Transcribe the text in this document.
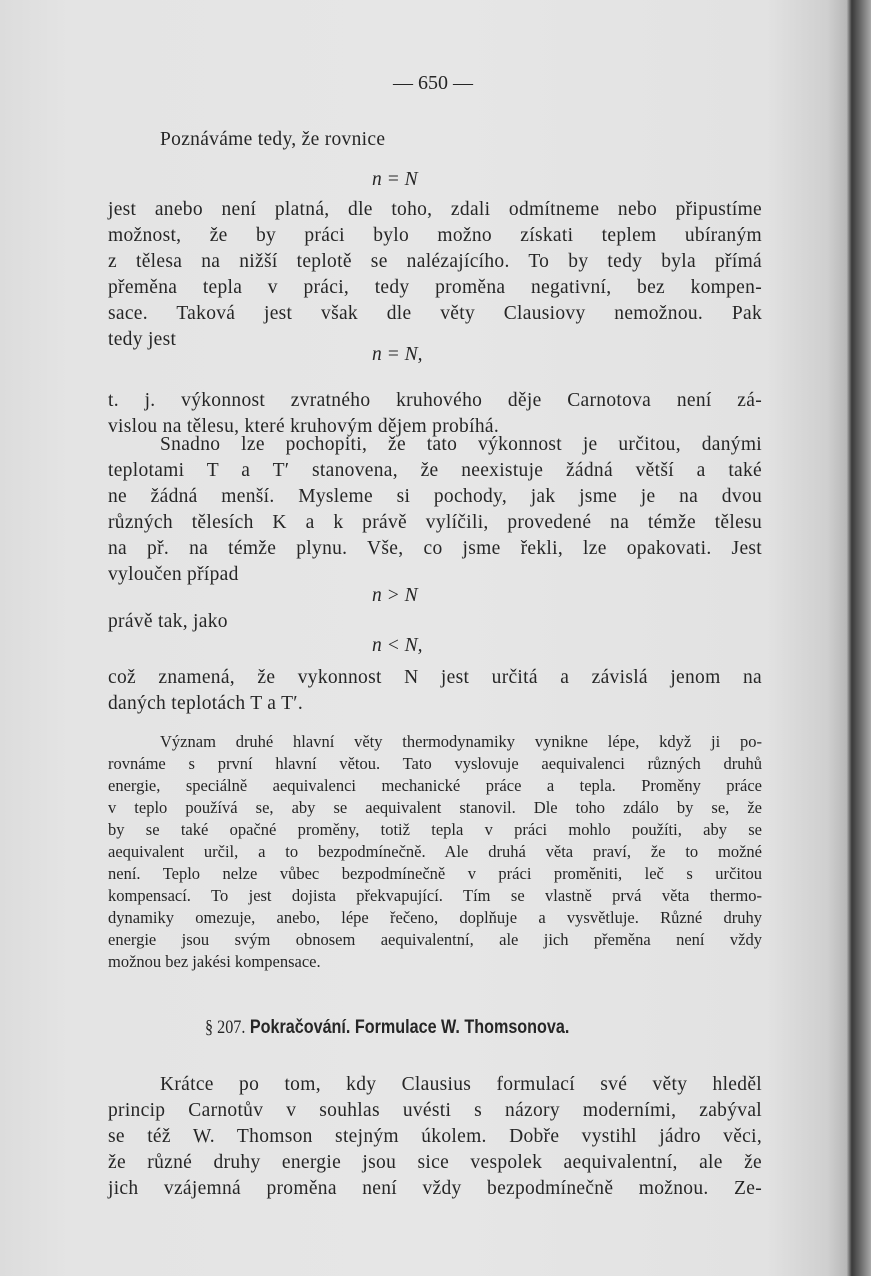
— 650 —
Poznáváme tedy, že rovnice
n = N
jest anebo není platná, dle toho, zdali odmítneme nebo připustíme
možnost, že by práci bylo možno získati teplem ubíraným
z tělesa na nižší teplotě se nalézajícího. To by tedy byla přímá
přeměna tepla v práci, tedy proměna negativní, bez kompen-
sace. Taková jest však dle věty Clausiovy nemožnou. Pak
tedy jest
n = N,
t. j. výkonnost zvratného kruhového děje Carnotova není zá-
vislou na tělesu, které kruhovým dějem probíhá.
Snadno lze pochopiti, že tato výkonnost je určitou, danými
teplotami T a T′ stanovena, že neexistuje žádná větší a také
ne žádná menší. Mysleme si pochody, jak jsme je na dvou
různých tělesích K a k právě vylíčili, provedené na témže tělesu
na př. na témže plynu. Vše, co jsme řekli, lze opakovati. Jest
vyloučen případ
n > N
právě tak, jako
n < N,
což znamená, že vykonnost N jest určitá a závislá jenom na
daných teplotách T a T′.
Význam druhé hlavní věty thermodynamiky vynikne lépe, když ji po-
rovnáme s první hlavní větou. Tato vyslovuje aequivalenci různých druhů
energie, speciálně aequivalenci mechanické práce a tepla. Proměny práce
v teplo používá se, aby se aequivalent stanovil. Dle toho zdálo by se, že
by se také opačné proměny, totiž tepla v práci mohlo použíti, aby se
aequivalent určil, a to bezpodmínečně. Ale druhá věta praví, že to možné
není. Teplo nelze vůbec bezpodmínečně v práci proměniti, leč s určitou
kompensací. To jest dojista překvapující. Tím se vlastně prvá věta thermo-
dynamiky omezuje, anebo, lépe řečeno, doplňuje a vysvětluje. Různé druhy
energie jsou svým obnosem aequivalentní, ale jich přeměna není vždy
možnou bez jakési kompensace.
§ 207. Pokračování. Formulace W. Thomsonova.
Krátce po tom, kdy Clausius formulací své věty hleděl
princip Carnotův v souhlas uvésti s názory moderními, zabýval
se též W. Thomson stejným úkolem. Dobře vystihl jádro věci,
že různé druhy energie jsou sice vespolek aequivalentní, ale že
jich vzájemná proměna není vždy bezpodmínečně možnou. Ze-
